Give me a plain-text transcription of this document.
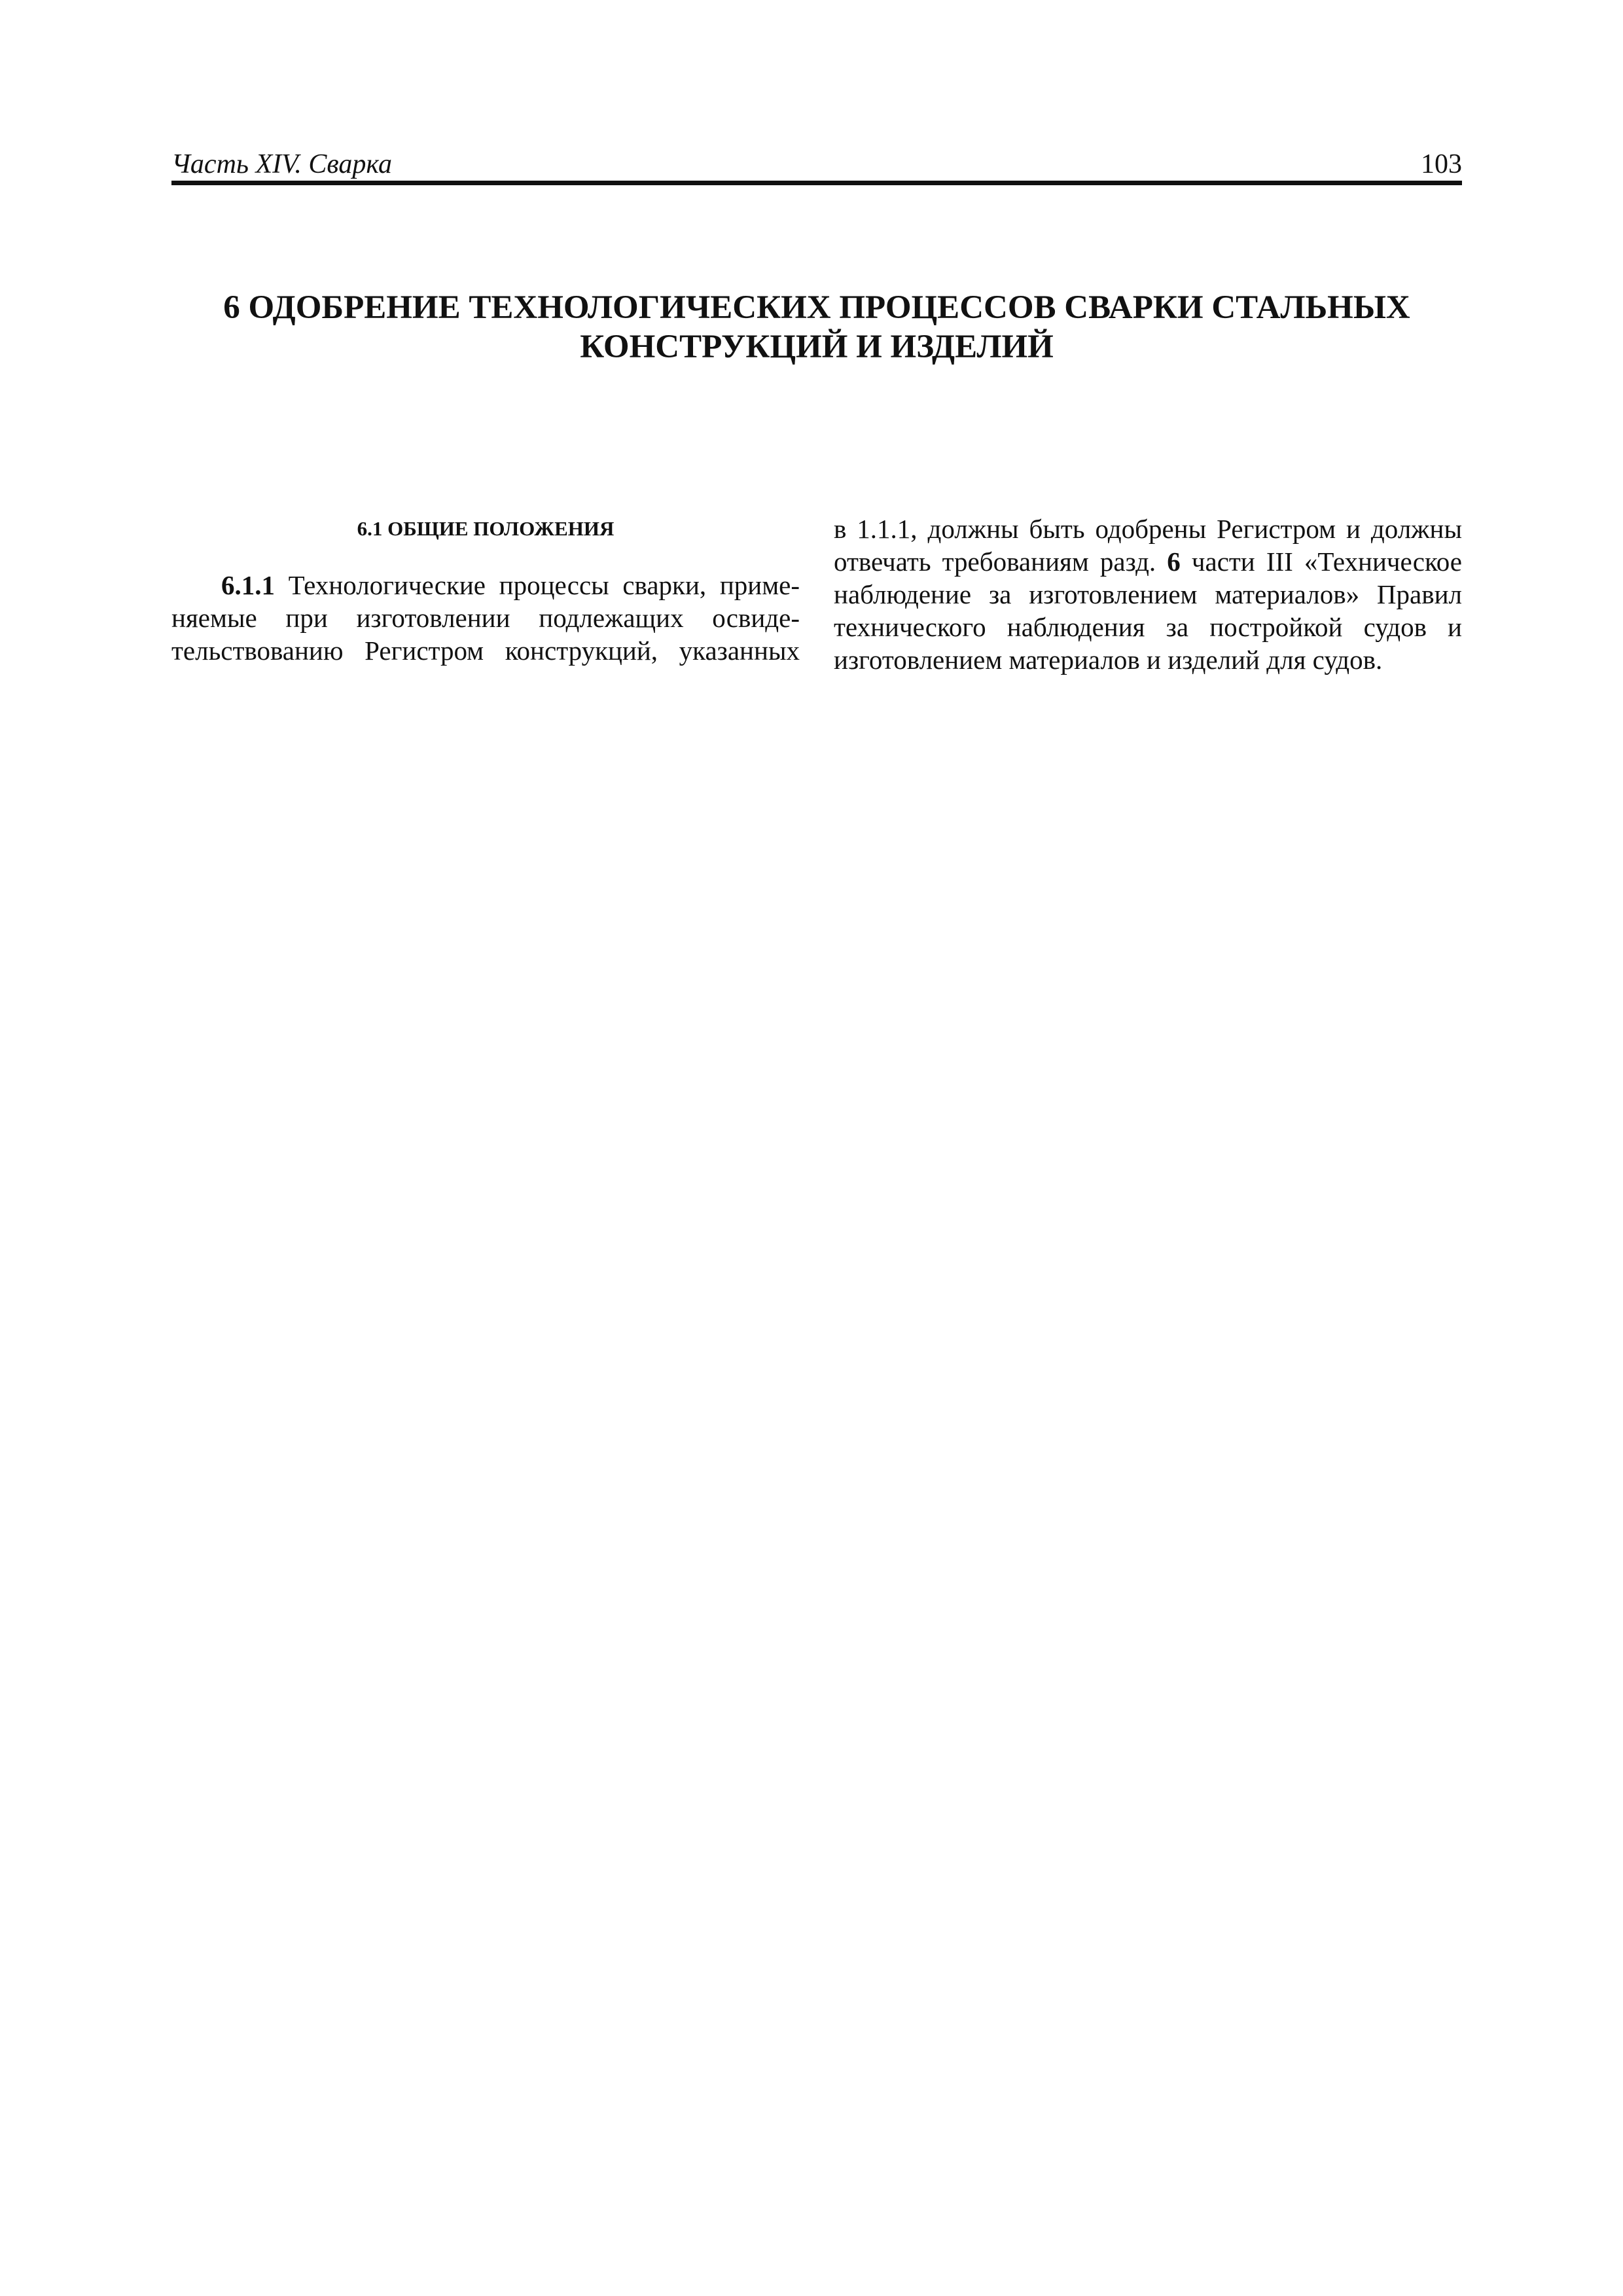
Часть XIV. Сварка	103
6 ОДОБРЕНИЕ ТЕХНОЛОГИЧЕСКИХ ПРОЦЕССОВ СВАРКИ СТАЛЬНЫХ
КОНСТРУКЦИЙ И ИЗДЕЛИЙ
6.1 ОБЩИЕ ПОЛОЖЕНИЯ
6.1.1 Технологические процессы сварки, приме-
няемые при изготовлении подлежащих освиде-
тельствованию Регистром конструкций, указанных
в 1.1.1, должны быть одобрены Регистром и должны
отвечать требованиям разд. 6 части III «Техническое
наблюдение за изготовлением материалов» Правил
технического наблюдения за постройкой судов и
изготовлением материалов и изделий для судов.
